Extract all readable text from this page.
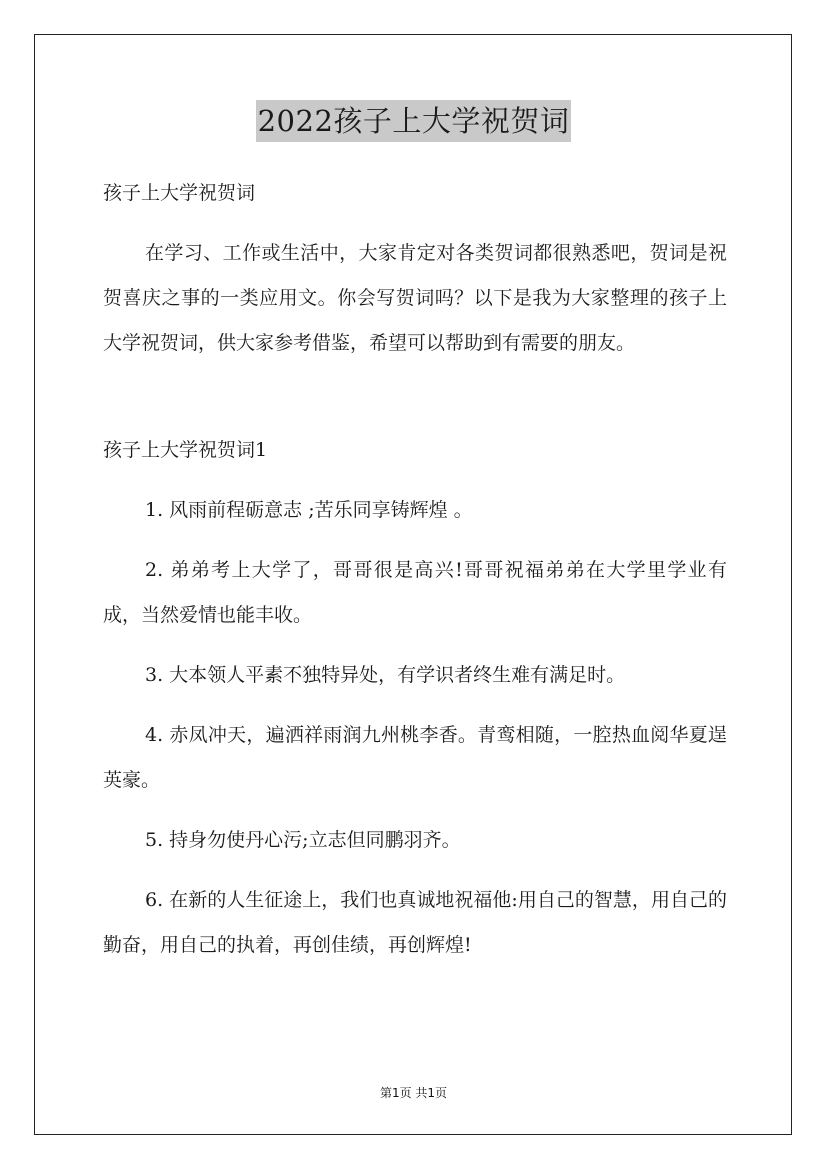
2022孩子上大学祝贺词

孩子上大学祝贺词

在学习、工作或生活中，大家肯定对各类贺词都很熟悉吧，贺词是祝贺喜庆之事的一类应用文。你会写贺词吗？以下是我为大家整理的孩子上大学祝贺词，供大家参考借鉴，希望可以帮助到有需要的朋友。

孩子上大学祝贺词1

1. 风雨前程砺意志 ;苦乐同享铸辉煌 。

2. 弟弟考上大学了，哥哥很是高兴!哥哥祝福弟弟在大学里学业有成，当然爱情也能丰收。

3. 大本领人平素不独特异处，有学识者终生难有满足时。

4. 赤凤冲天，遍洒祥雨润九州桃李香。青鸾相随，一腔热血阅华夏逞英豪。

5. 持身勿使丹心污;立志但同鹏羽齐。

6. 在新的人生征途上，我们也真诚地祝福他:用自己的智慧，用自己的勤奋，用自己的执着，再创佳绩，再创辉煌!

第1页 共1页
